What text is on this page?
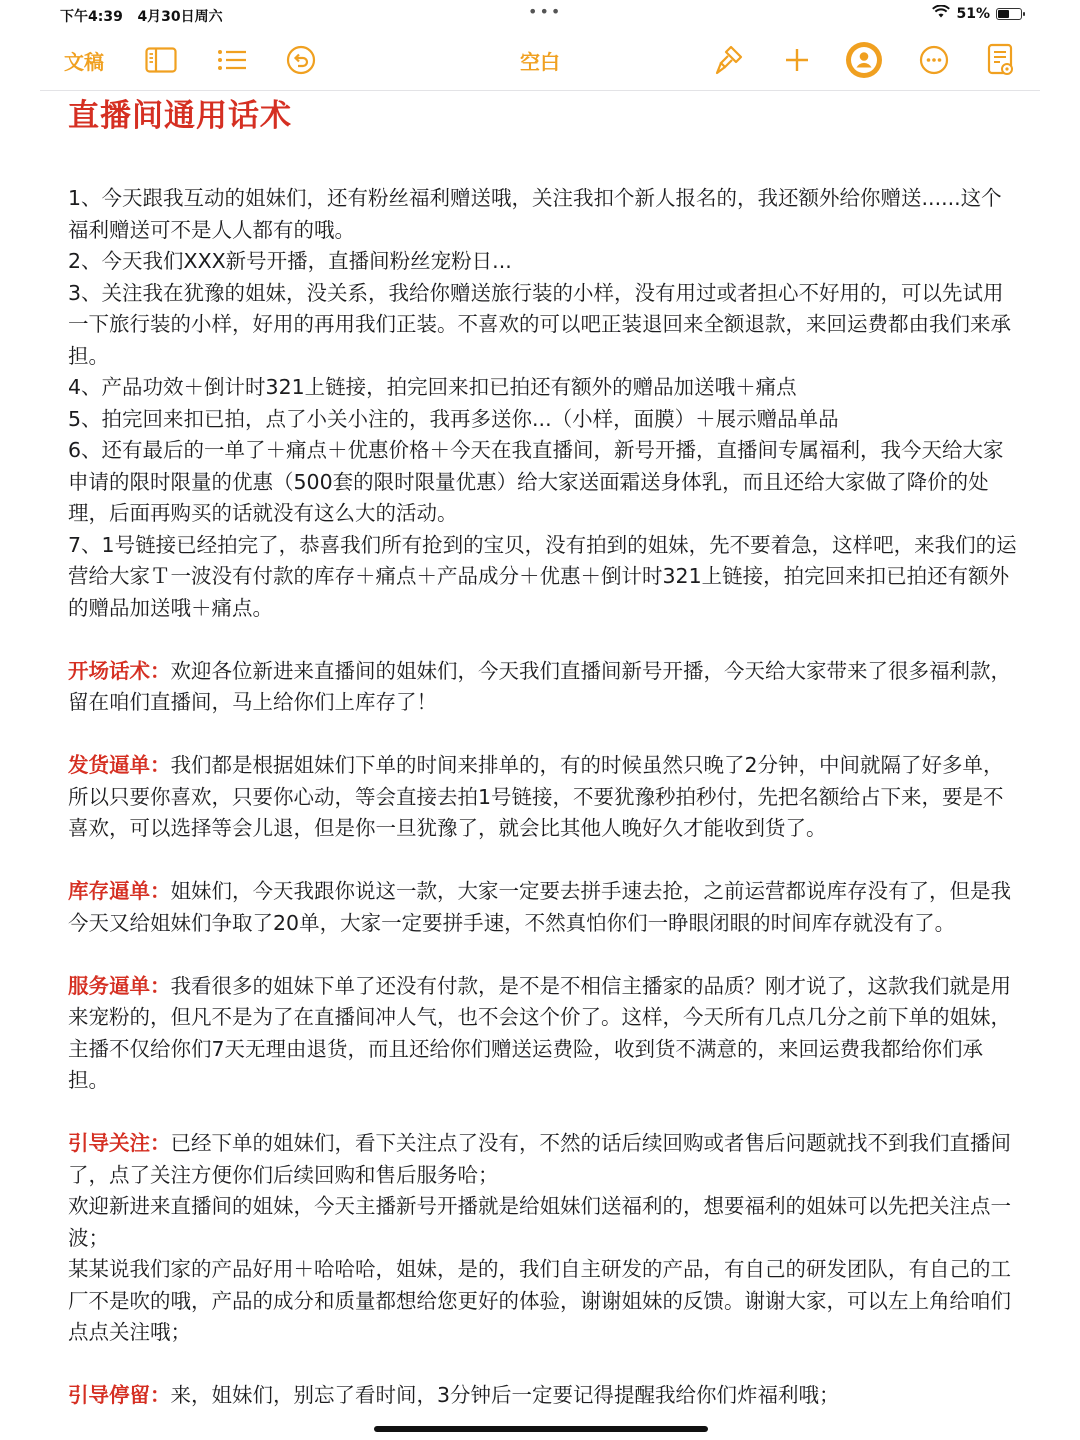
下午4:39   4月30日周六	•••	51%
文稿	空白
直播间通用话术

1、今天跟我互动的姐妹们，还有粉丝福利赠送哦，关注我扣个新人报名的，我还额外给你赠送......这个福利赠送可不是人人都有的哦。

2、今天我们XXX新号开播，直播间粉丝宠粉日...

3、关注我在犹豫的姐妹，没关系，我给你赠送旅行装的小样，没有用过或者担心不好用的，可以先试用一下旅行装的小样，好用的再用我们正装。不喜欢的可以吧正装退回来全额退款，来回运费都由我们来承担。

4、产品功效＋倒计时321上链接，拍完回来扣已拍还有额外的赠品加送哦＋痛点

5、拍完回来扣已拍，点了小关小注的，我再多送你...（小样，面膜）＋展示赠品单品

6、还有最后的一单了＋痛点＋优惠价格＋今天在我直播间，新号开播，直播间专属福利，我今天给大家申请的限时限量的优惠（500套的限时限量优惠）给大家送面霜送身体乳，而且还给大家做了降价的处理，后面再购买的话就没有这么大的活动。

7、1号链接已经拍完了，恭喜我们所有抢到的宝贝，没有拍到的姐妹，先不要着急，这样吧，来我们的运营给大家Ｔ一波没有付款的库存＋痛点＋产品成分＋优惠＋倒计时321上链接，拍完回来扣已拍还有额外的赠品加送哦＋痛点。

开场话术：欢迎各位新进来直播间的姐妹们，今天我们直播间新号开播，今天给大家带来了很多福利款，留在咱们直播间，马上给你们上库存了！

发货逼单：我们都是根据姐妹们下单的时间来排单的，有的时候虽然只晚了2分钟，中间就隔了好多单，所以只要你喜欢，只要你心动，等会直接去拍1号链接，不要犹豫秒拍秒付，先把名额给占下来，要是不喜欢，可以选择等会儿退，但是你一旦犹豫了，就会比其他人晚好久才能收到货了。

库存逼单：姐妹们，今天我跟你说这一款，大家一定要去拼手速去抢，之前运营都说库存没有了，但是我今天又给姐妹们争取了20单，大家一定要拼手速，不然真怕你们一睁眼闭眼的时间库存就没有了。

服务逼单：我看很多的姐妹下单了还没有付款，是不是不相信主播家的品质？刚才说了，这款我们就是用来宠粉的，但凡不是为了在直播间冲人气，也不会这个价了。这样，今天所有几点几分之前下单的姐妹，主播不仅给你们7天无理由退货，而且还给你们赠送运费险，收到货不满意的，来回运费我都给你们承担。

引导关注：已经下单的姐妹们，看下关注点了没有，不然的话后续回购或者售后问题就找不到我们直播间了，点了关注方便你们后续回购和售后服务哈；

欢迎新进来直播间的姐妹，今天主播新号开播就是给姐妹们送福利的，想要福利的姐妹可以先把关注点一波；

某某说我们家的产品好用＋哈哈哈，姐妹，是的，我们自主研发的产品，有自己的研发团队，有自己的工厂不是吹的哦，产品的成分和质量都想给您更好的体验，谢谢姐妹的反馈。谢谢大家，可以左上角给咱们点点关注哦；

引导停留：来，姐妹们，别忘了看时间，3分钟后一定要记得提醒我给你们炸福利哦；
